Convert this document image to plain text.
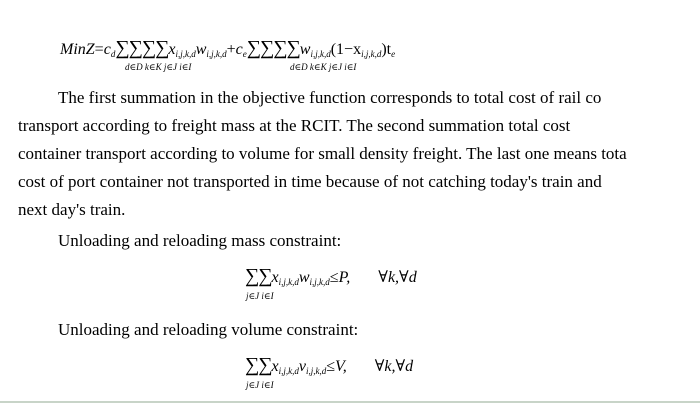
$MinZ=c_d\sum\sum\sum\sum x_{i,j,k,d}w_{i,j,k,d}+c_e\sum\sum\sum\sum w_{i,j,k,d}(1-x_{i,j,k,d})t_e$
d∈D k∈K j∈J i∈I	d∈D k∈K j∈J i∈I

The first summation in the objective function corresponds to total cost of rail co
transport according to freight mass at the RCIT. The second summation total cost
container transport according to volume for small density freight. The last one means tota
cost of port container not transported in time because of not catching today's train and
next day's train.

Unloading and reloading mass constraint:
$\sum\sum x_{i,j,k,d}w_{i,j,k,d}\le P$, ∀k,∀d
j∈J i∈I
Unloading and reloading volume constraint:
$\sum\sum x_{i,j,k,d}v_{i,j,k,d}\le V$, ∀k,∀d
j∈J i∈I
